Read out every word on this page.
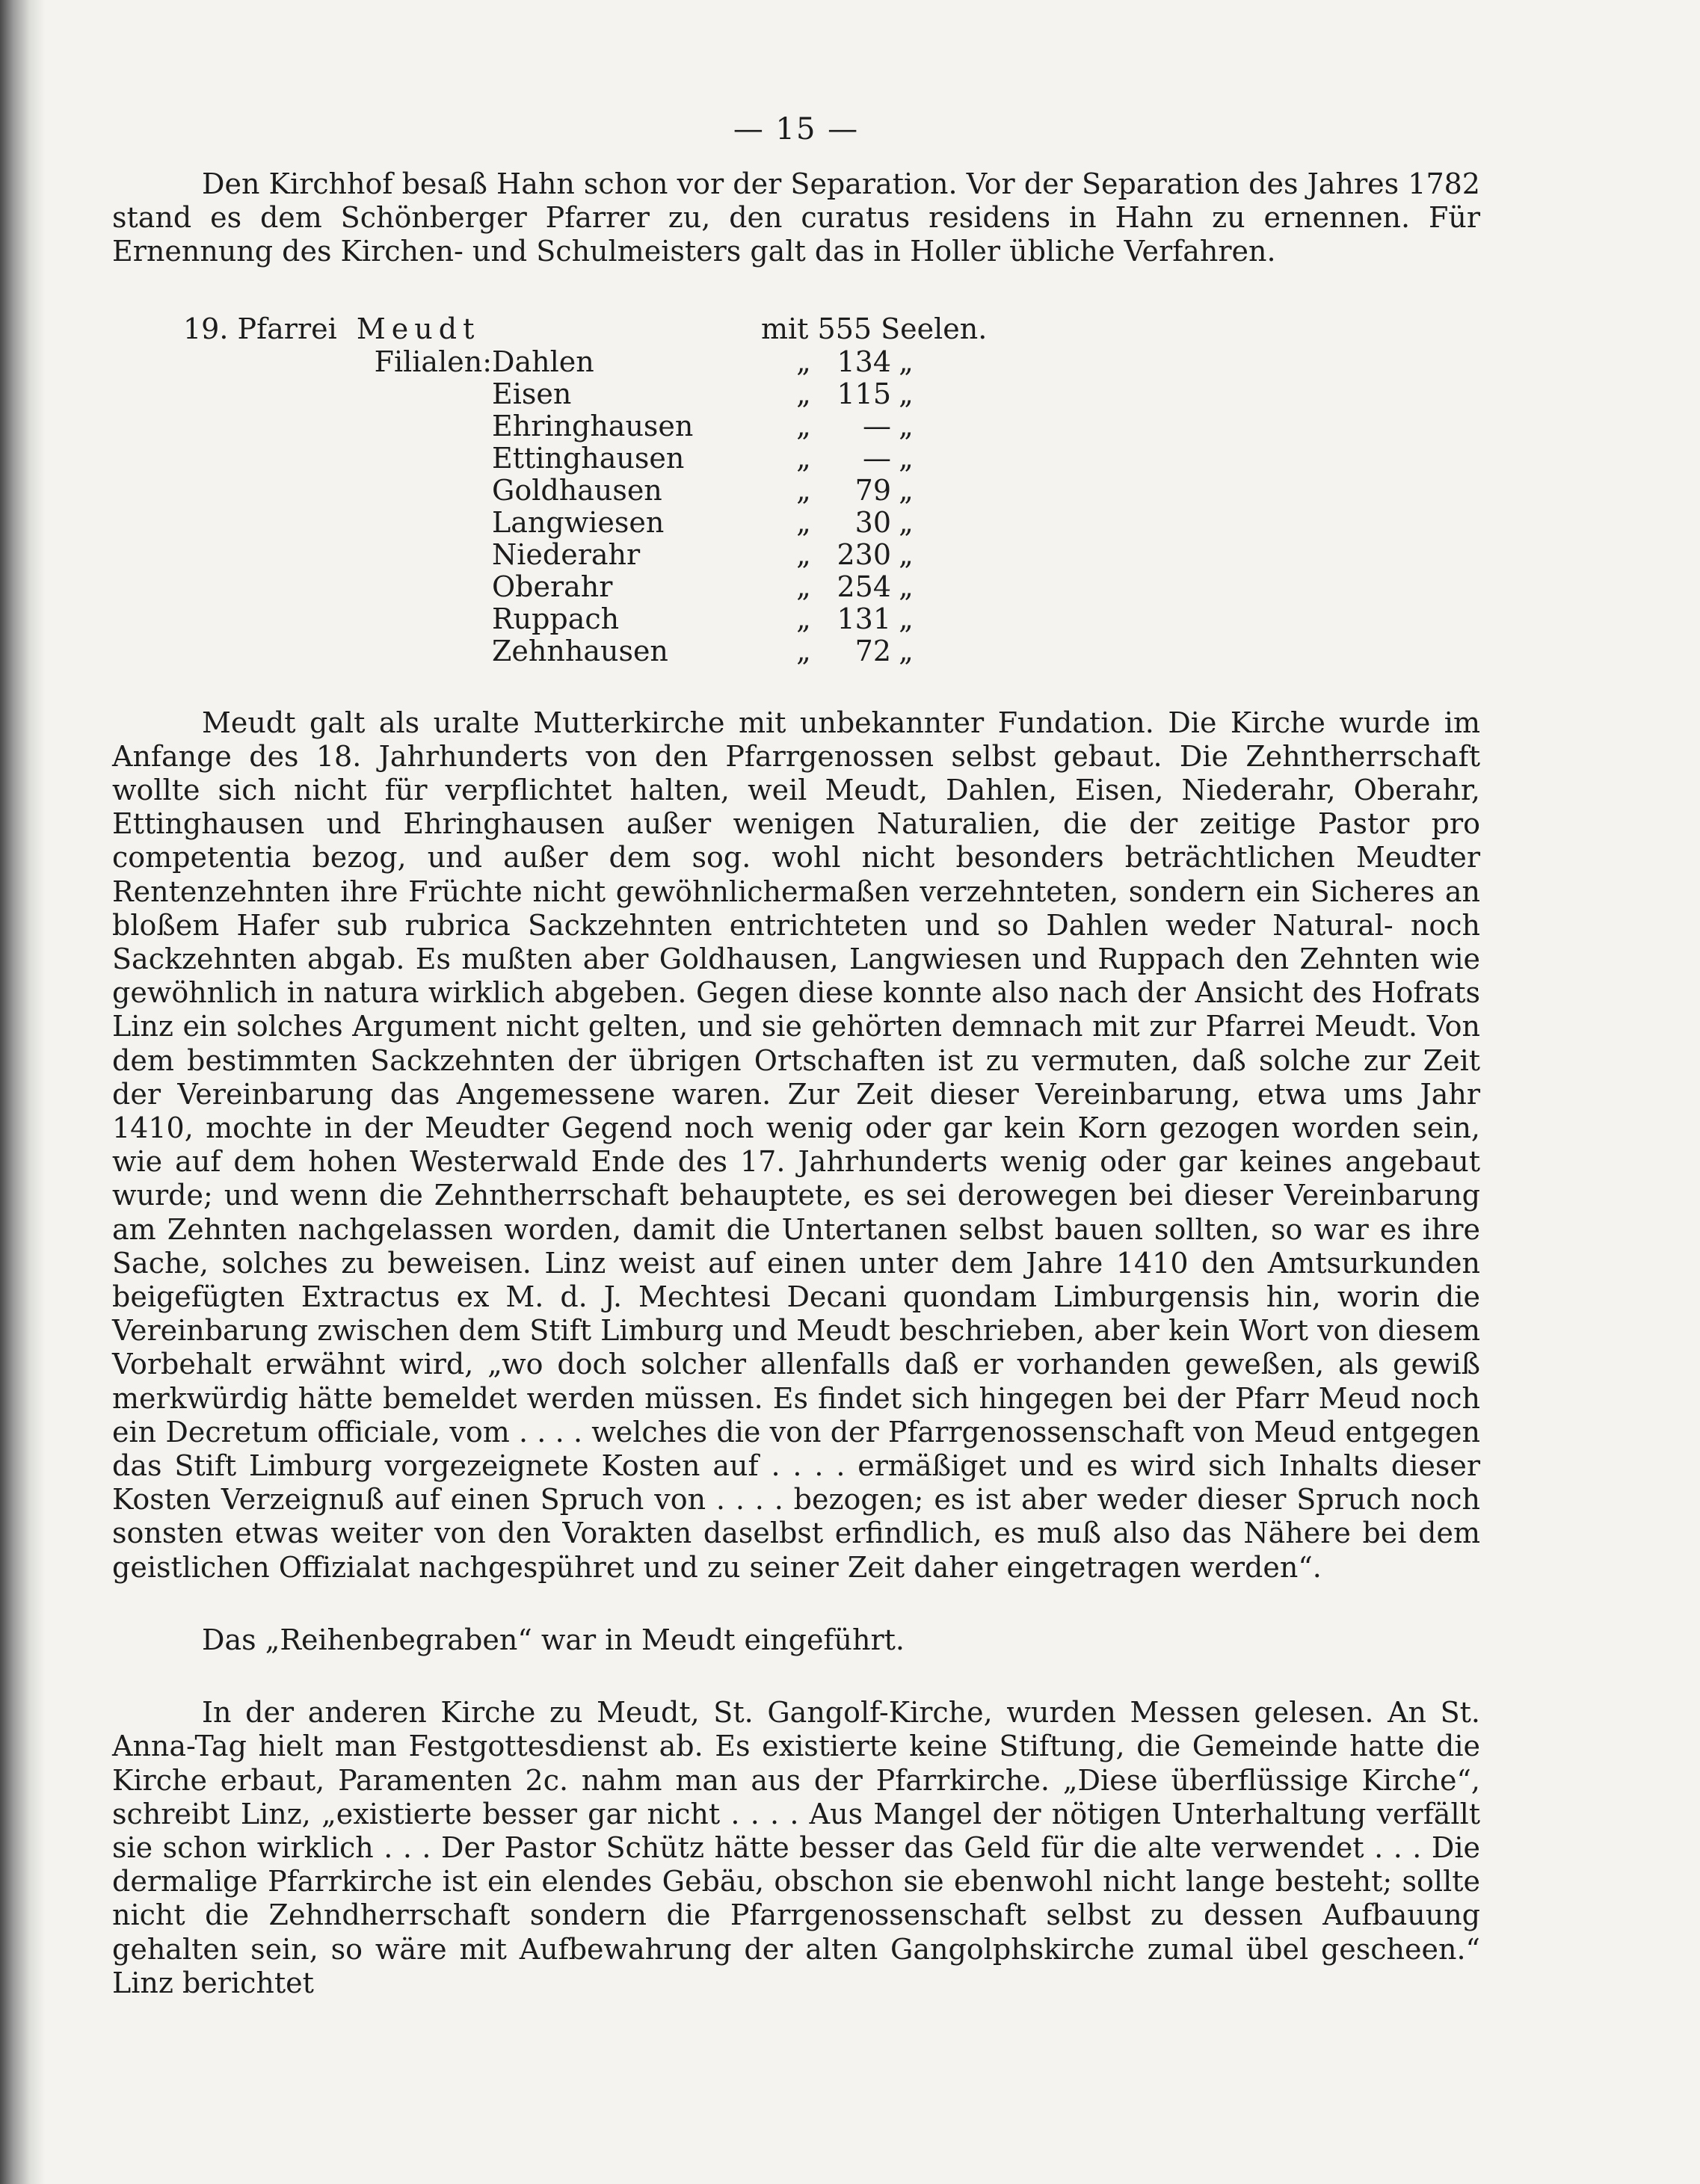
— 15 —

Den Kirchhof besaß Hahn schon vor der Separation. Vor der Separation des Jahres 1782 stand es dem Schönberger Pfarrer zu, den curatus residens in Hahn zu ernennen. Für Ernennung des Kirchen- und Schulmeisters galt das in Holler übliche Verfahren.

19. Pfarrei Meudt	mit 555 Seelen.
Filialen:	Dahlen	„	134	„
	Eisen	„	115	„
	Ehringhausen	„	—	„
	Ettinghausen	„	—	„
	Goldhausen	„	79	„
	Langwiesen	„	30	„
	Niederahr	„	230	„
	Oberahr	„	254	„
	Ruppach	„	131	„
	Zehnhausen	„	72	„

Meudt galt als uralte Mutterkirche mit unbekannter Fundation. Die Kirche wurde im Anfange des 18. Jahrhunderts von den Pfarrgenossen selbst gebaut. Die Zehntherrschaft wollte sich nicht für verpflichtet halten, weil Meudt, Dahlen, Eisen, Niederahr, Oberahr, Ettinghausen und Ehringhausen außer wenigen Naturalien, die der zeitige Pastor pro competentia bezog, und außer dem sog. wohl nicht besonders beträchtlichen Meudter Rentenzehnten ihre Früchte nicht gewöhnlichermaßen verzehnteten, sondern ein Sicheres an bloßem Hafer sub rubrica Sackzehnten entrichteten und so Dahlen weder Natural- noch Sackzehnten abgab. Es mußten aber Goldhausen, Langwiesen und Ruppach den Zehnten wie gewöhnlich in natura wirklich abgeben. Gegen diese konnte also nach der Ansicht des Hofrats Linz ein solches Argument nicht gelten, und sie gehörten demnach mit zur Pfarrei Meudt. Von dem bestimmten Sackzehnten der übrigen Ortschaften ist zu vermuten, daß solche zur Zeit der Vereinbarung das Angemessene waren. Zur Zeit dieser Vereinbarung, etwa ums Jahr 1410, mochte in der Meudter Gegend noch wenig oder gar kein Korn gezogen worden sein, wie auf dem hohen Westerwald Ende des 17. Jahrhunderts wenig oder gar keines angebaut wurde; und wenn die Zehntherrschaft behauptete, es sei derowegen bei dieser Vereinbarung am Zehnten nachgelassen worden, damit die Untertanen selbst bauen sollten, so war es ihre Sache, solches zu beweisen. Linz weist auf einen unter dem Jahre 1410 den Amtsurkunden beigefügten Extractus ex M. d. J. Mechtesi Decani quondam Limburgensis hin, worin die Vereinbarung zwischen dem Stift Limburg und Meudt beschrieben, aber kein Wort von diesem Vorbehalt erwähnt wird, „wo doch solcher allenfalls daß er vorhanden geweßen, als gewiß merkwürdig hätte bemeldet werden müssen. Es findet sich hingegen bei der Pfarr Meud noch ein Decretum officiale, vom . . . . welches die von der Pfarrgenossenschaft von Meud entgegen das Stift Limburg vorgezeignete Kosten auf . . . . ermäßiget und es wird sich Inhalts dieser Kosten Verzeignuß auf einen Spruch von . . . . bezogen; es ist aber weder dieser Spruch noch sonsten etwas weiter von den Vorakten daselbst erfindlich, es muß also das Nähere bei dem geistlichen Offizialat nachgespühret und zu seiner Zeit daher eingetragen werden“.

Das „Reihenbegraben“ war in Meudt eingeführt.

In der anderen Kirche zu Meudt, St. Gangolf-Kirche, wurden Messen gelesen. An St. Anna-Tag hielt man Festgottesdienst ab. Es existierte keine Stiftung, die Gemeinde hatte die Kirche erbaut, Paramenten 2c. nahm man aus der Pfarrkirche. „Diese überflüssige Kirche“, schreibt Linz, „existierte besser gar nicht . . . . Aus Mangel der nötigen Unterhaltung verfällt sie schon wirklich . . . Der Pastor Schütz hätte besser das Geld für die alte verwendet . . . Die dermalige Pfarrkirche ist ein elendes Gebäu, obschon sie ebenwohl nicht lange besteht; sollte nicht die Zehndherrschaft sondern die Pfarrgenossenschaft selbst zu dessen Aufbauung gehalten sein, so wäre mit Aufbewahrung der alten Gangolphskirche zumal übel gescheen.“ Linz berichtet
